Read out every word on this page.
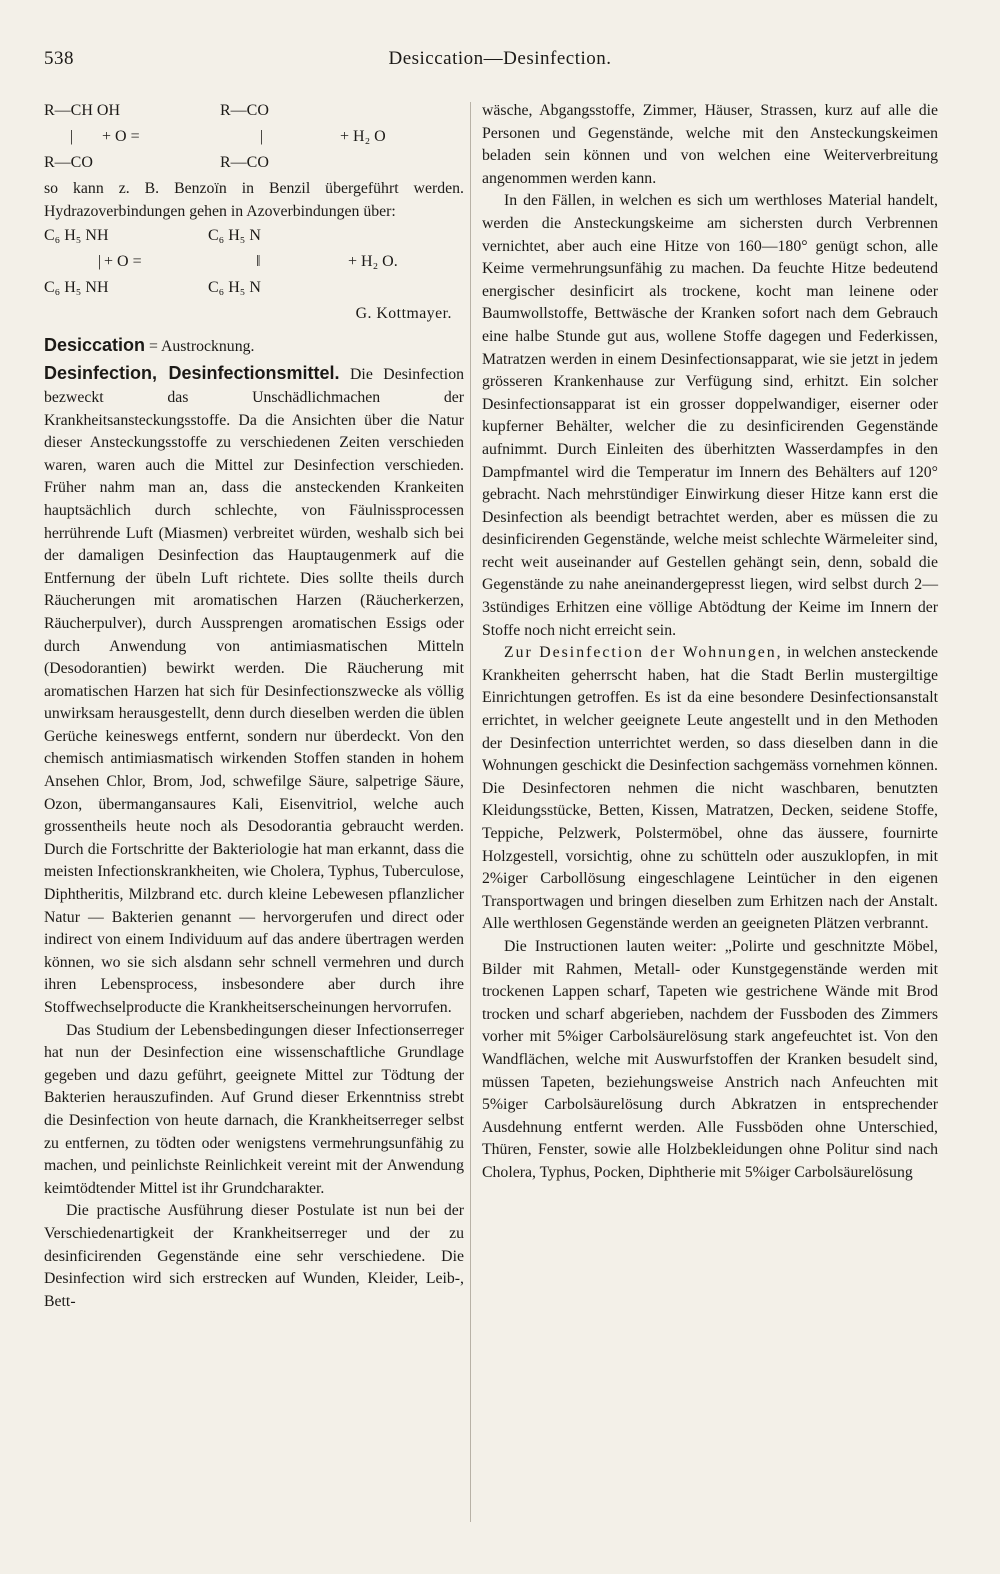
538	Desiccation—Desinfection.
R—CH OH	R—CO
|	+ O =	|	+ H₂ O
R—CO	R—CO

so kann z. B. Benzoïn in Benzil übergeführt werden. Hydrazoverbindungen gehen in Azoverbindungen über:

C₆ H₅ NH	C₆ H₅ N
| + O =	‖	+ H₂ O.
C₆ H₅ NH	C₆ H₅ N

G. Kottmayer.

Desiccation = Austrocknung.

Desinfection, Desinfectionsmittel. Die Desinfection bezweckt das Unschädlichmachen der Krankheitsansteckungsstoffe. Da die Ansichten über die Natur dieser Ansteckungsstoffe zu verschiedenen Zeiten verschieden waren, waren auch die Mittel zur Desinfection verschieden. Früher nahm man an, dass die ansteckenden Krankeiten hauptsächlich durch schlechte, von Fäulnissprocessen herrührende Luft (Miasmen) verbreitet würden, weshalb sich bei der damaligen Desinfection das Hauptaugenmerk auf die Entfernung der übeln Luft richtete. Dies sollte theils durch Räucherungen mit aromatischen Harzen (Räucherkerzen, Räucherpulver), durch Aussprengen aromatischen Essigs oder durch Anwendung von antimiasmatischen Mitteln (Desodorantien) bewirkt werden. Die Räucherung mit aromatischen Harzen hat sich für Desinfectionszwecke als völlig unwirksam herausgestellt, denn durch dieselben werden die üblen Gerüche keineswegs entfernt, sondern nur überdeckt. Von den chemisch antimiasmatisch wirkenden Stoffen standen in hohem Ansehen Chlor, Brom, Jod, schwefilge Säure, salpetrige Säure, Ozon, übermangansaures Kali, Eisenvitriol, welche auch grossentheils heute noch als Desodorantia gebraucht werden. Durch die Fortschritte der Bakteriologie hat man erkannt, dass die meisten Infectionskrankheiten, wie Cholera, Typhus, Tuberculose, Diphtheritis, Milzbrand etc. durch kleine Lebewesen pflanzlicher Natur — Bakterien genannt — hervorgerufen und direct oder indirect von einem Individuum auf das andere übertragen werden können, wo sie sich alsdann sehr schnell vermehren und durch ihren Lebensprocess, insbesondere aber durch ihre Stoffwechselproducte die Krankheitserscheinungen hervorrufen.

Das Studium der Lebensbedingungen dieser Infectionserreger hat nun der Desinfection eine wissenschaftliche Grundlage gegeben und dazu geführt, geeignete Mittel zur Tödtung der Bakterien herauszufinden. Auf Grund dieser Erkenntniss strebt die Desinfection von heute darnach, die Krankheitserreger selbst zu entfernen, zu tödten oder wenigstens vermehrungsunfähig zu machen, und peinlichste Reinlichkeit vereint mit der Anwendung keimtödtender Mittel ist ihr Grundcharakter.

Die practische Ausführung dieser Postulate ist nun bei der Verschiedenartigkeit der Krankheitserreger und der zu desinficirenden Gegenstände eine sehr verschiedene. Die Desinfection wird sich erstrecken auf Wunden, Kleider, Leib-, Bett-

wäsche, Abgangsstoffe, Zimmer, Häuser, Strassen, kurz auf alle die Personen und Gegenstände, welche mit den Ansteckungskeimen beladen sein können und von welchen eine Weiterverbreitung angenommen werden kann.

In den Fällen, in welchen es sich um werthloses Material handelt, werden die Ansteckungskeime am sichersten durch Verbrennen vernichtet, aber auch eine Hitze von 160—180° genügt schon, alle Keime vermehrungsunfähig zu machen. Da feuchte Hitze bedeutend energischer desinficirt als trockene, kocht man leinene oder Baumwollstoffe, Bettwäsche der Kranken sofort nach dem Gebrauch eine halbe Stunde gut aus, wollene Stoffe dagegen und Federkissen, Matratzen werden in einem Desinfectionsapparat, wie sie jetzt in jedem grösseren Krankenhause zur Verfügung sind, erhitzt. Ein solcher Desinfectionsapparat ist ein grosser doppelwandiger, eiserner oder kupferner Behälter, welcher die zu desinficirenden Gegenstände aufnimmt. Durch Einleiten des überhitzten Wasserdampfes in den Dampfmantel wird die Temperatur im Innern des Behälters auf 120° gebracht. Nach mehrstündiger Einwirkung dieser Hitze kann erst die Desinfection als beendigt betrachtet werden, aber es müssen die zu desinficirenden Gegenstände, welche meist schlechte Wärmeleiter sind, recht weit auseinander auf Gestellen gehängt sein, denn, sobald die Gegenstände zu nahe aneinandergepresst liegen, wird selbst durch 2—3stündiges Erhitzen eine völlige Abtödtung der Keime im Innern der Stoffe noch nicht erreicht sein.

Zur Desinfection der Wohnungen, in welchen ansteckende Krankheiten geherrscht haben, hat die Stadt Berlin mustergiltige Einrichtungen getroffen. Es ist da eine besondere Desinfectionsanstalt errichtet, in welcher geeignete Leute angestellt und in den Methoden der Desinfection unterrichtet werden, so dass dieselben dann in die Wohnungen geschickt die Desinfection sachgemäss vornehmen können. Die Desinfectoren nehmen die nicht waschbaren, benutzten Kleidungsstücke, Betten, Kissen, Matratzen, Decken, seidene Stoffe, Teppiche, Pelzwerk, Polstermöbel, ohne das äussere, fournirte Holzgestell, vorsichtig, ohne zu schütteln oder auszuklopfen, in mit 2%iger Carbollösung eingeschlagene Leintücher in den eigenen Transportwagen und bringen dieselben zum Erhitzen nach der Anstalt. Alle werthlosen Gegenstände werden an geeigneten Plätzen verbrannt.

Die Instructionen lauten weiter: „Polirte und geschnitzte Möbel, Bilder mit Rahmen, Metall- oder Kunstgegenstände werden mit trockenen Lappen scharf, Tapeten wie gestrichene Wände mit Brod trocken und scharf abgerieben, nachdem der Fussboden des Zimmers vorher mit 5%iger Carbolsäurelösung stark angefeuchtet ist. Von den Wandflächen, welche mit Auswurfstoffen der Kranken besudelt sind, müssen Tapeten, beziehungsweise Anstrich nach Anfeuchten mit 5%iger Carbolsäurelösung durch Abkratzen in entsprechender Ausdehnung entfernt werden. Alle Fussböden ohne Unterschied, Thüren, Fenster, sowie alle Holzbekleidungen ohne Politur sind nach Cholera, Typhus, Pocken, Diphtherie mit 5%iger Carbolsäurelösung
